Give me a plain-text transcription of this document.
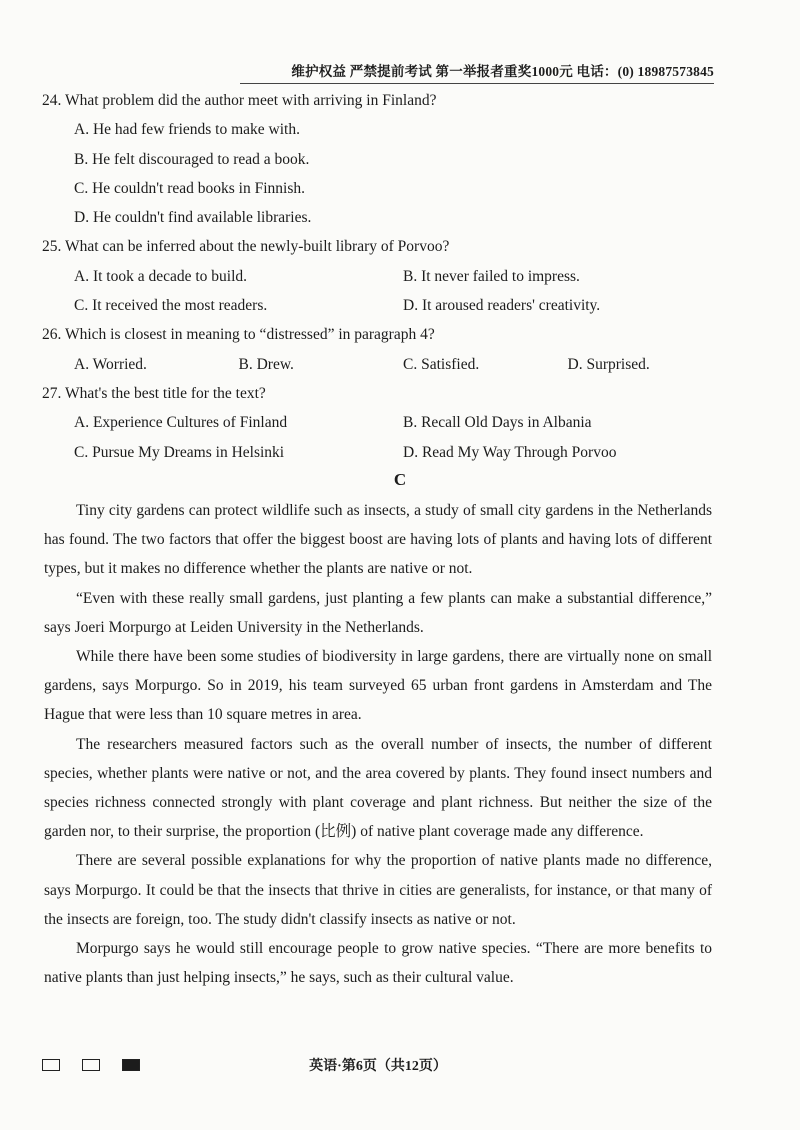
维护权益 严禁提前考试 第一举报者重奖1000元 电话：(0) 18987573845
24. What problem did the author meet with arriving in Finland?
A. He had few friends to make with.
B. He felt discouraged to read a book.
C. He couldn't read books in Finnish.
D. He couldn't find available libraries.
25. What can be inferred about the newly-built library of Porvoo?
A. It took a decade to build.	B. It never failed to impress.
C. It received the most readers.	D. It aroused readers' creativity.
26. Which is closest in meaning to “distressed” in paragraph 4?
A. Worried.	B. Drew.	C. Satisfied.	D. Surprised.
27. What's the best title for the text?
A. Experience Cultures of Finland	B. Recall Old Days in Albania
C. Pursue My Dreams in Helsinki	D. Read My Way Through Porvoo
C

Tiny city gardens can protect wildlife such as insects, a study of small city gardens in the Netherlands has found. The two factors that offer the biggest boost are having lots of plants and having lots of different types, but it makes no difference whether the plants are native or not.

“Even with these really small gardens, just planting a few plants can make a substantial difference,” says Joeri Morpurgo at Leiden University in the Netherlands.

While there have been some studies of biodiversity in large gardens, there are virtually none on small gardens, says Morpurgo. So in 2019, his team surveyed 65 urban front gardens in Amsterdam and The Hague that were less than 10 square metres in area.

The researchers measured factors such as the overall number of insects, the number of different species, whether plants were native or not, and the area covered by plants. They found insect numbers and species richness connected strongly with plant coverage and plant richness. But neither the size of the garden nor, to their surprise, the proportion (比例) of native plant coverage made any difference.

There are several possible explanations for why the proportion of native plants made no difference, says Morpurgo. It could be that the insects that thrive in cities are generalists, for instance, or that many of the insects are foreign, too. The study didn't classify insects as native or not.

Morpurgo says he would still encourage people to grow native species. “There are more benefits to native plants than just helping insects,” he says, such as their cultural value.

英语·第6页（共12页）
